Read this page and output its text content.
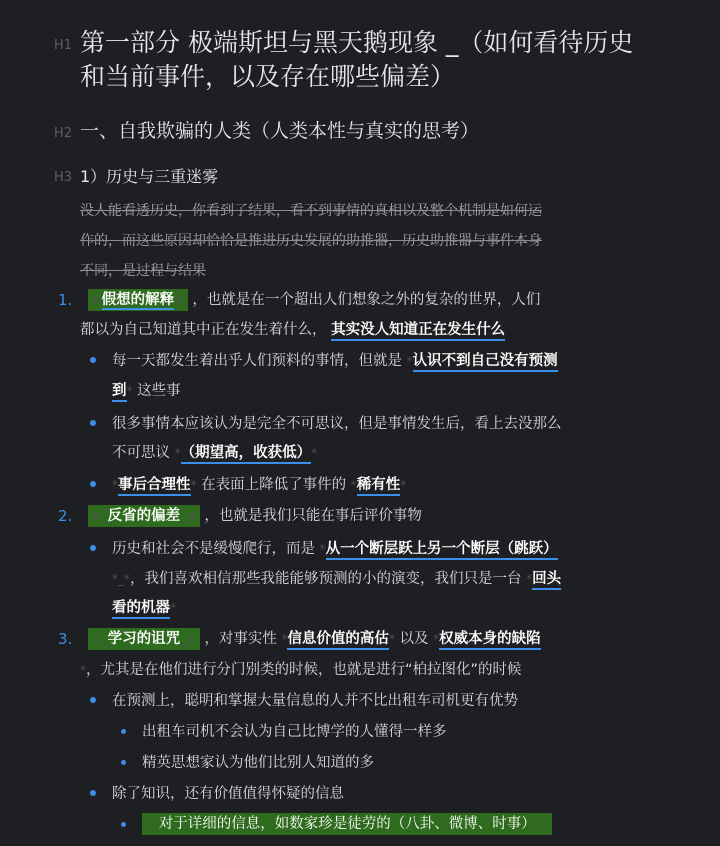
H1 第一部分 极端斯坦与黑天鹅现象 _（如何看待历史
和当前事件，以及存在哪些偏差）
H2 一、自我欺骗的人类（人类本性与真实的思考）
H3 1）历史与三重迷雾
没人能看透历史，你看到了结果，看不到事情的真相以及整个机制是如何运
作的，而这些原因却恰恰是推进历史发展的助推器，历史助推器与事件本身
不同，是过程与结果
1.	::假想的解释:: ，也就是在一个超出人们想象之外的复杂的世界，人们
都以为自己知道其中正在发生着什么， 其实没人知道正在发生什么
每一天都发生着出乎人们预料的事情，但就是 *认识不到自己没有预测
到* 这些事
很多事情本应该认为是完全不可思议，但是事情发生后，看上去没那么
不可思议 *（期望高，收获低）*
*事后合理性* 在表面上降低了事件的 *稀有性*
2.	::_反省的偏差_:: ，也就是我们只能在事后评价事物
历史和社会不是缓慢爬行，而是 *从一个断层跃上另一个断层（跳跃）
*_*，我们喜欢相信那些我能能够预测的小的演变，我们只是一台 *回头
看的机器*
3.	::_学习的诅咒_:: ，对事实性 *信息价值的高估* 以及 *权威本身的缺陷
*，尤其是在他们进行分门别类的时候，也就是进行“柏拉图化”的时候
在预测上，聪明和掌握大量信息的人并不比出租车司机更有优势
出租车司机不会认为自己比博学的人懂得一样多
精英思想家认为他们比别人知道的多
除了知识，还有价值值得怀疑的信息
:: 对于详细的信息，如数家珍是徒劳的（八卦、微博、时事） ::
